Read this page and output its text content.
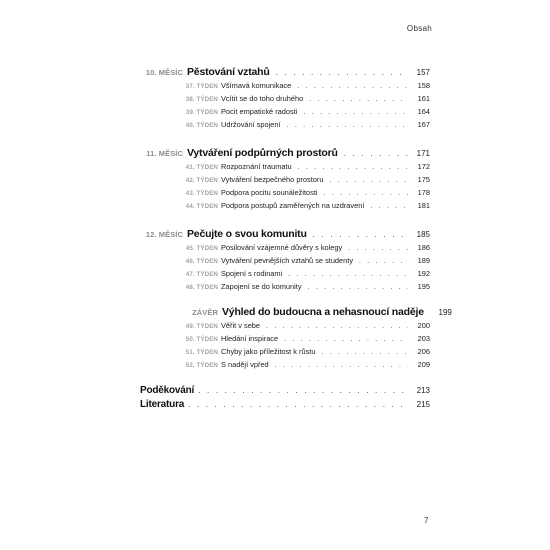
Obsah
10. MĚSÍC Pěstování vztahů . . .	157
37. TÝDEN Všímavá komunikace . . .	158
38. TÝDEN Vcítit se do toho druhého . . .	161
39. TÝDEN Pocit empatické radosti . . .	164
40. TÝDEN Udržování spojení . . .	167
11. MĚSÍC Vytváření podpůrných prostorů . . .	171
41. TÝDEN Rozpoznání traumatu . . .	172
42. TÝDEN Vytváření bezpečného prostoru . . .	175
43. TÝDEN Podpora pocitu sounáležitosti . . .	178
44. TÝDEN Podpora postupů zaměřených na uzdravení . . .	181
12. MĚSÍC Pečujte o svou komunitu . . .	185
45. TÝDEN Posilování vzájemné důvěry s kolegy . . .	186
46. TÝDEN Vytváření pevnějších vztahů se studenty . . .	189
47. TÝDEN Spojení s rodinami . . .	192
48. TÝDEN Zapojení se do komunity . . .	195
ZÁVĚR Výhled do budoucna a nehasnoucí naděje	199
49. TÝDEN Věřit v sebe . . .	200
50. TÝDEN Hledání inspirace . . .	203
51. TÝDEN Chyby jako příležitost k růstu . . .	206
52. TÝDEN S nadějí vpřed . . .	209
Poděkování . . .	213
Literatura . . .	215
7
